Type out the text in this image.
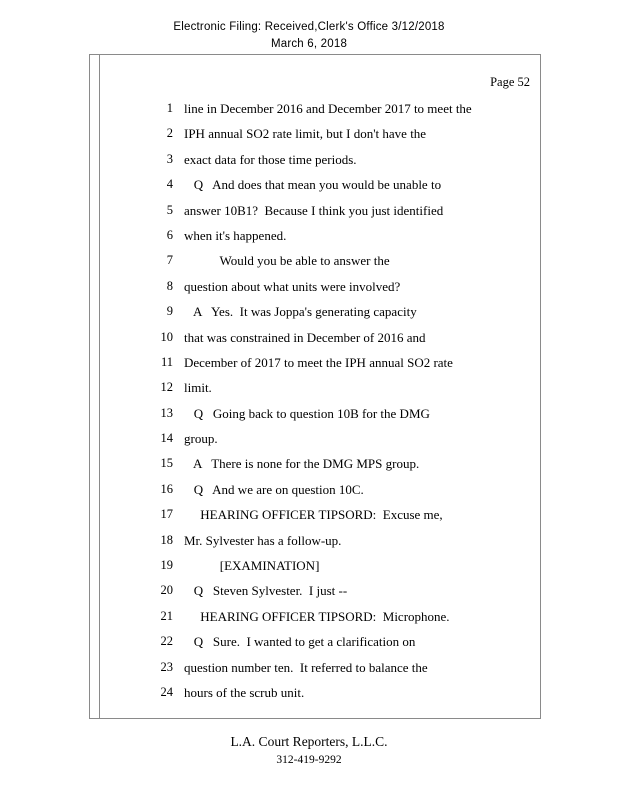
Electronic Filing: Received,Clerk's Office 3/12/2018
March 6, 2018
Page 52
1 line in December 2016 and December 2017 to meet the
2 IPH annual SO2 rate limit, but I don't have the
3 exact data for those time periods.
4 Q   And does that mean you would be unable to
5 answer 10B1?  Because I think you just identified
6 when it's happened.
7 Would you be able to answer the
8 question about what units were involved?
9 A   Yes.  It was Joppa's generating capacity
10 that was constrained in December of 2016 and
11 December of 2017 to meet the IPH annual SO2 rate
12 limit.
13 Q   Going back to question 10B for the DMG
14 group.
15 A   There is none for the DMG MPS group.
16 Q   And we are on question 10C.
17 HEARING OFFICER TIPSORD:  Excuse me,
18 Mr. Sylvester has a follow-up.
19 [EXAMINATION]
20 Q   Steven Sylvester.  I just --
21 HEARING OFFICER TIPSORD:  Microphone.
22 Q   Sure.  I wanted to get a clarification on
23 question number ten.  It referred to balance the
24 hours of the scrub unit.
L.A. Court Reporters, L.L.C.
312-419-9292
